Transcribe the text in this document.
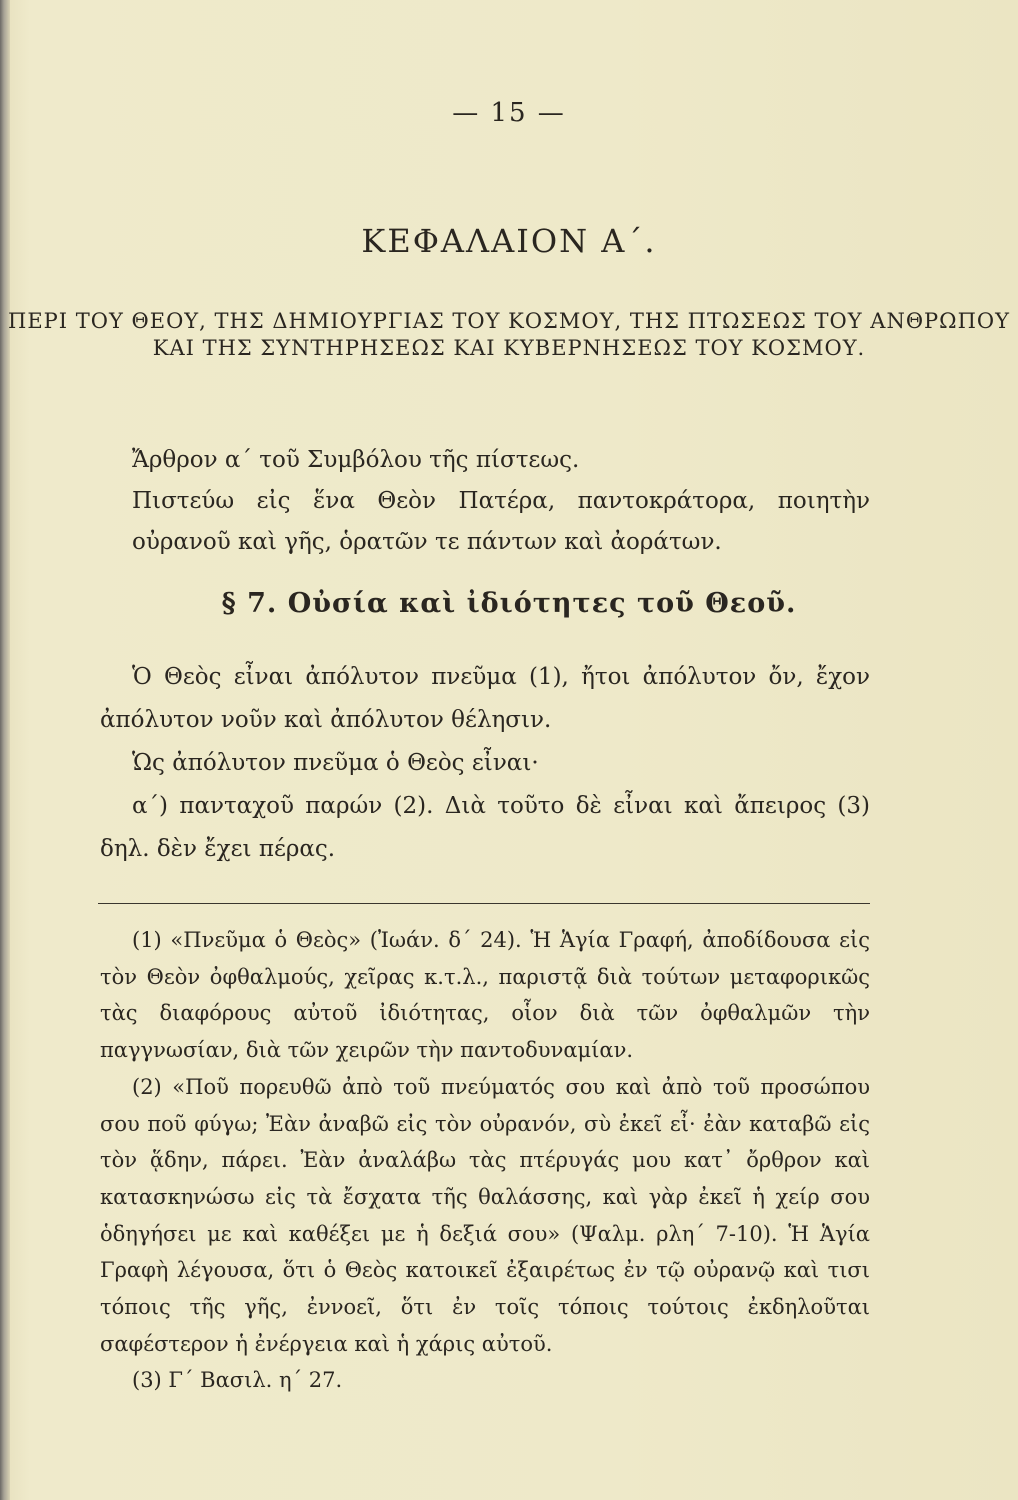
— 15 —
ΚΕΦΑΛΑΙΟΝ Α΄.
ΠΕΡΙ ΤΟΥ ΘΕΟΥ, ΤΗΣ ΔΗΜΙΟΥΡΓΙΑΣ ΤΟΥ ΚΟΣΜΟΥ, ΤΗΣ ΠΤΩΣΕΩΣ ΤΟΥ ΑΝΘΡΩΠΟΥ ΚΑΙ ΤΗΣ ΣΥΝΤΗΡΗΣΕΩΣ ΚΑΙ ΚΥΒΕΡΝΗΣΕΩΣ ΤΟΥ ΚΟΣΜΟΥ.
Ἄρθρον α΄ τοῦ Συμβόλου τῆς πίστεως.
Πιστεύω εἰς ἕνα Θεὸν Πατέρα, παντοκράτορα, ποιητὴν οὐρανοῦ καὶ γῆς, ὁρατῶν τε πάντων καὶ ἀοράτων.
§ 7. Οὐσία καὶ ἰδιότητες τοῦ Θεοῦ.

Ὁ Θεὸς εἶναι ἀπόλυτον πνεῦμα (1), ἤτοι ἀπόλυτον ὄν, ἔχον ἀπόλυτον νοῦν καὶ ἀπόλυτον θέλησιν.

Ὡς ἀπόλυτον πνεῦμα ὁ Θεὸς εἶναι·

α΄) πανταχοῦ παρών (2). Διὰ τοῦτο δὲ εἶναι καὶ ἄπειρος (3) δηλ. δὲν ἔχει πέρας.

(1) «Πνεῦμα ὁ Θεὸς» (Ἰωάν. δ΄ 24). Ἡ Ἁγία Γραφή, ἀποδίδουσα εἰς τὸν Θεὸν ὀφθαλμούς, χεῖρας κ.τ.λ., παριστᾷ διὰ τούτων μεταφορικῶς τὰς διαφόρους αὐτοῦ ἰδιότητας, οἷον διὰ τῶν ὀφθαλμῶν τὴν παγγνωσίαν, διὰ τῶν χειρῶν τὴν παντοδυναμίαν.

(2) «Ποῦ πορευθῶ ἀπὸ τοῦ πνεύματός σου καὶ ἀπὸ τοῦ προσώπου σου ποῦ φύγω; Ἐὰν ἀναβῶ εἰς τὸν οὐρανόν, σὺ ἐκεῖ εἶ· ἐὰν καταβῶ εἰς τὸν ᾅδην, πάρει. Ἐὰν ἀναλάβω τὰς πτέρυγάς μου κατ᾿ ὄρθρον καὶ κατασκηνώσω εἰς τὰ ἔσχατα τῆς θαλάσσης, καὶ γὰρ ἐκεῖ ἡ χείρ σου ὁδηγήσει με καὶ καθέξει με ἡ δεξιά σου» (Ψαλμ. ρλη΄ 7-10). Ἡ Ἁγία Γραφὴ λέγουσα, ὅτι ὁ Θεὸς κατοικεῖ ἐξαιρέτως ἐν τῷ οὐρανῷ καὶ τισι τόποις τῆς γῆς, ἐννοεῖ, ὅτι ἐν τοῖς τόποις τούτοις ἐκδηλοῦται σαφέστερον ἡ ἐνέργεια καὶ ἡ χάρις αὐτοῦ.

(3) Γ΄ Βασιλ. η΄ 27.
